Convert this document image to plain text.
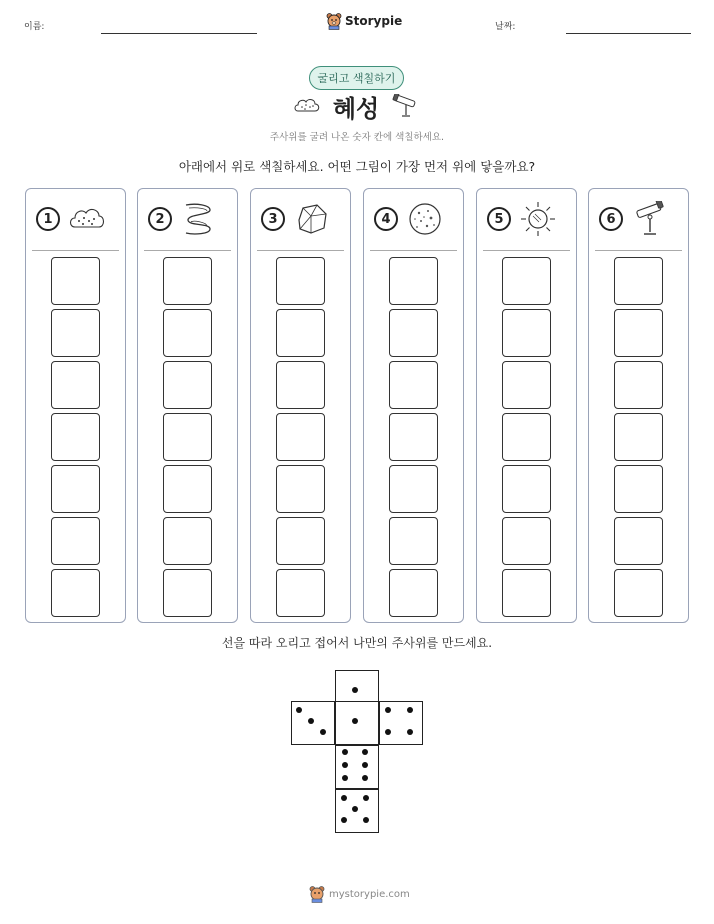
이름:	Storypie	날짜:
굴리고 색칠하기
혜성
주사위를 굴려 나온 숫자 칸에 색칠하세요.
아래에서 위로 색칠하세요. 어떤 그림이 가장 먼저 위에 닿을까요?
1	2	3	4	5	6
선을 따라 오리고 접어서 나만의 주사위를 만드세요.
mystorypie.com
